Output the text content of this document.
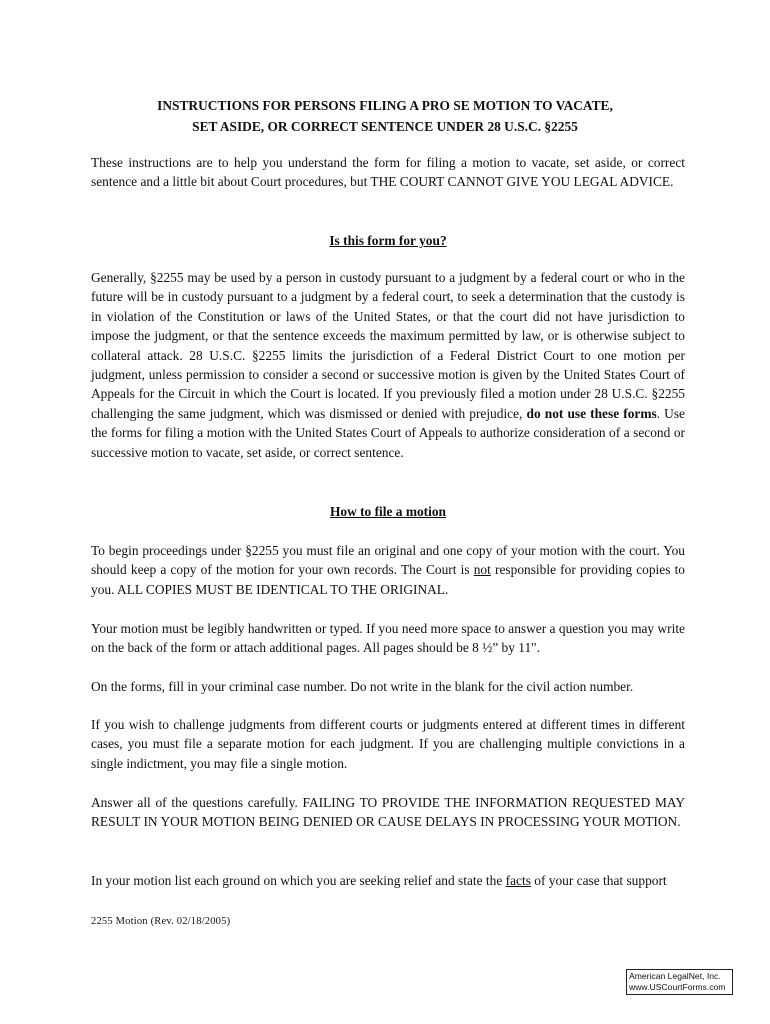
INSTRUCTIONS FOR PERSONS FILING A PRO SE MOTION TO VACATE,
SET ASIDE, OR CORRECT SENTENCE UNDER 28 U.S.C. §2255

These instructions are to help you understand the form for filing a motion to vacate, set aside, or correct sentence and a little bit about Court procedures, but THE COURT CANNOT GIVE YOU LEGAL ADVICE.

Is this form for you?

Generally, §2255 may be used by a person in custody pursuant to a judgment by a federal court or who in the future will be in custody pursuant to a judgment by a federal court, to seek a determination that the custody is in violation of the Constitution or laws of the United States, or that the court did not have jurisdiction to impose the judgment, or that the sentence exceeds the maximum permitted by law, or is otherwise subject to collateral attack. 28 U.S.C. §2255 limits the jurisdiction of a Federal District Court to one motion per judgment, unless permission to consider a second or successive motion is given by the United States Court of Appeals for the Circuit in which the Court is located. If you previously filed a motion under 28 U.S.C. §2255 challenging the same judgment, which was dismissed or denied with prejudice, do not use these forms. Use the forms for filing a motion with the United States Court of Appeals to authorize consideration of a second or successive motion to vacate, set aside, or correct sentence.

How to file a motion

To begin proceedings under §2255 you must file an original and one copy of your motion with the court. You should keep a copy of the motion for your own records. The Court is not responsible for providing copies to you. ALL COPIES MUST BE IDENTICAL TO THE ORIGINAL.

Your motion must be legibly handwritten or typed. If you need more space to answer a question you may write on the back of the form or attach additional pages. All pages should be 8 ½” by 11".

On the forms, fill in your criminal case number. Do not write in the blank for the civil action number.

If you wish to challenge judgments from different courts or judgments entered at different times in different cases, you must file a separate motion for each judgment. If you are challenging multiple convictions in a single indictment, you may file a single motion.

Answer all of the questions carefully. FAILING TO PROVIDE THE INFORMATION REQUESTED MAY RESULT IN YOUR MOTION BEING DENIED OR CAUSE DELAYS IN PROCESSING YOUR MOTION.

In your motion list each ground on which you are seeking relief and state the facts of your case that support

2255 Motion (Rev. 02/18/2005)
American LegalNet, Inc.
www.USCourtForms.com
